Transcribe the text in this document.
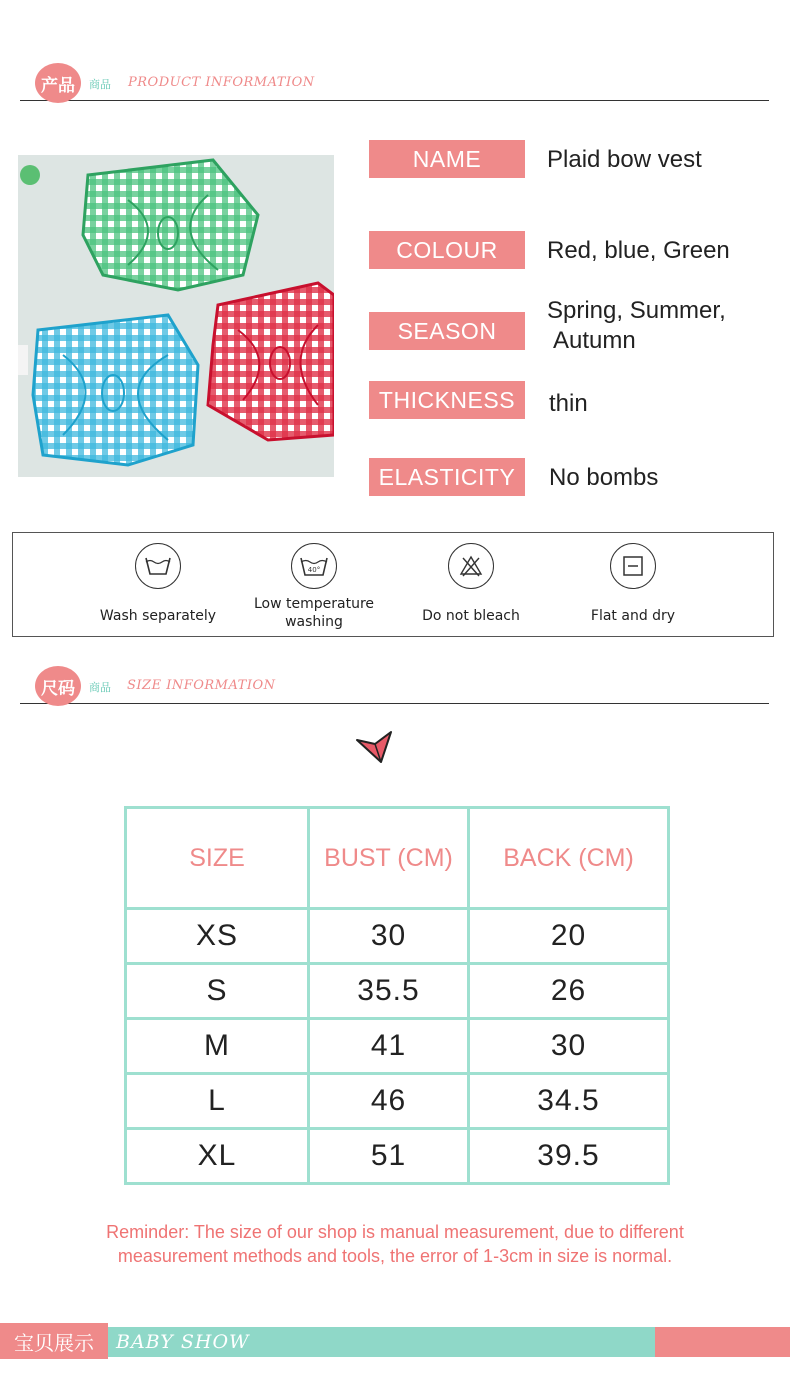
产品	商品 PRODUCT INFORMATION
NAME	Plaid bow vest
COLOUR	Red, blue, Green
SEASON
Spring, Summer,
Autumn
THICKNESS	thin
ELASTICITY	No bombs
Wash separately
40°
Low temperature
washing	Do not bleach	Flat and dry
尺码	商品 SIZE INFORMATION
SIZE	BUST (CM)	BACK (CM)
XS	30	20
S	35.5	26
M	41	30
L	46	34.5
XL	51	39.5
Reminder: The size of our shop is manual measurement, due to different
measurement methods and tools, the error of 1-3cm in size is normal.
宝贝展示	BABY SHOW
